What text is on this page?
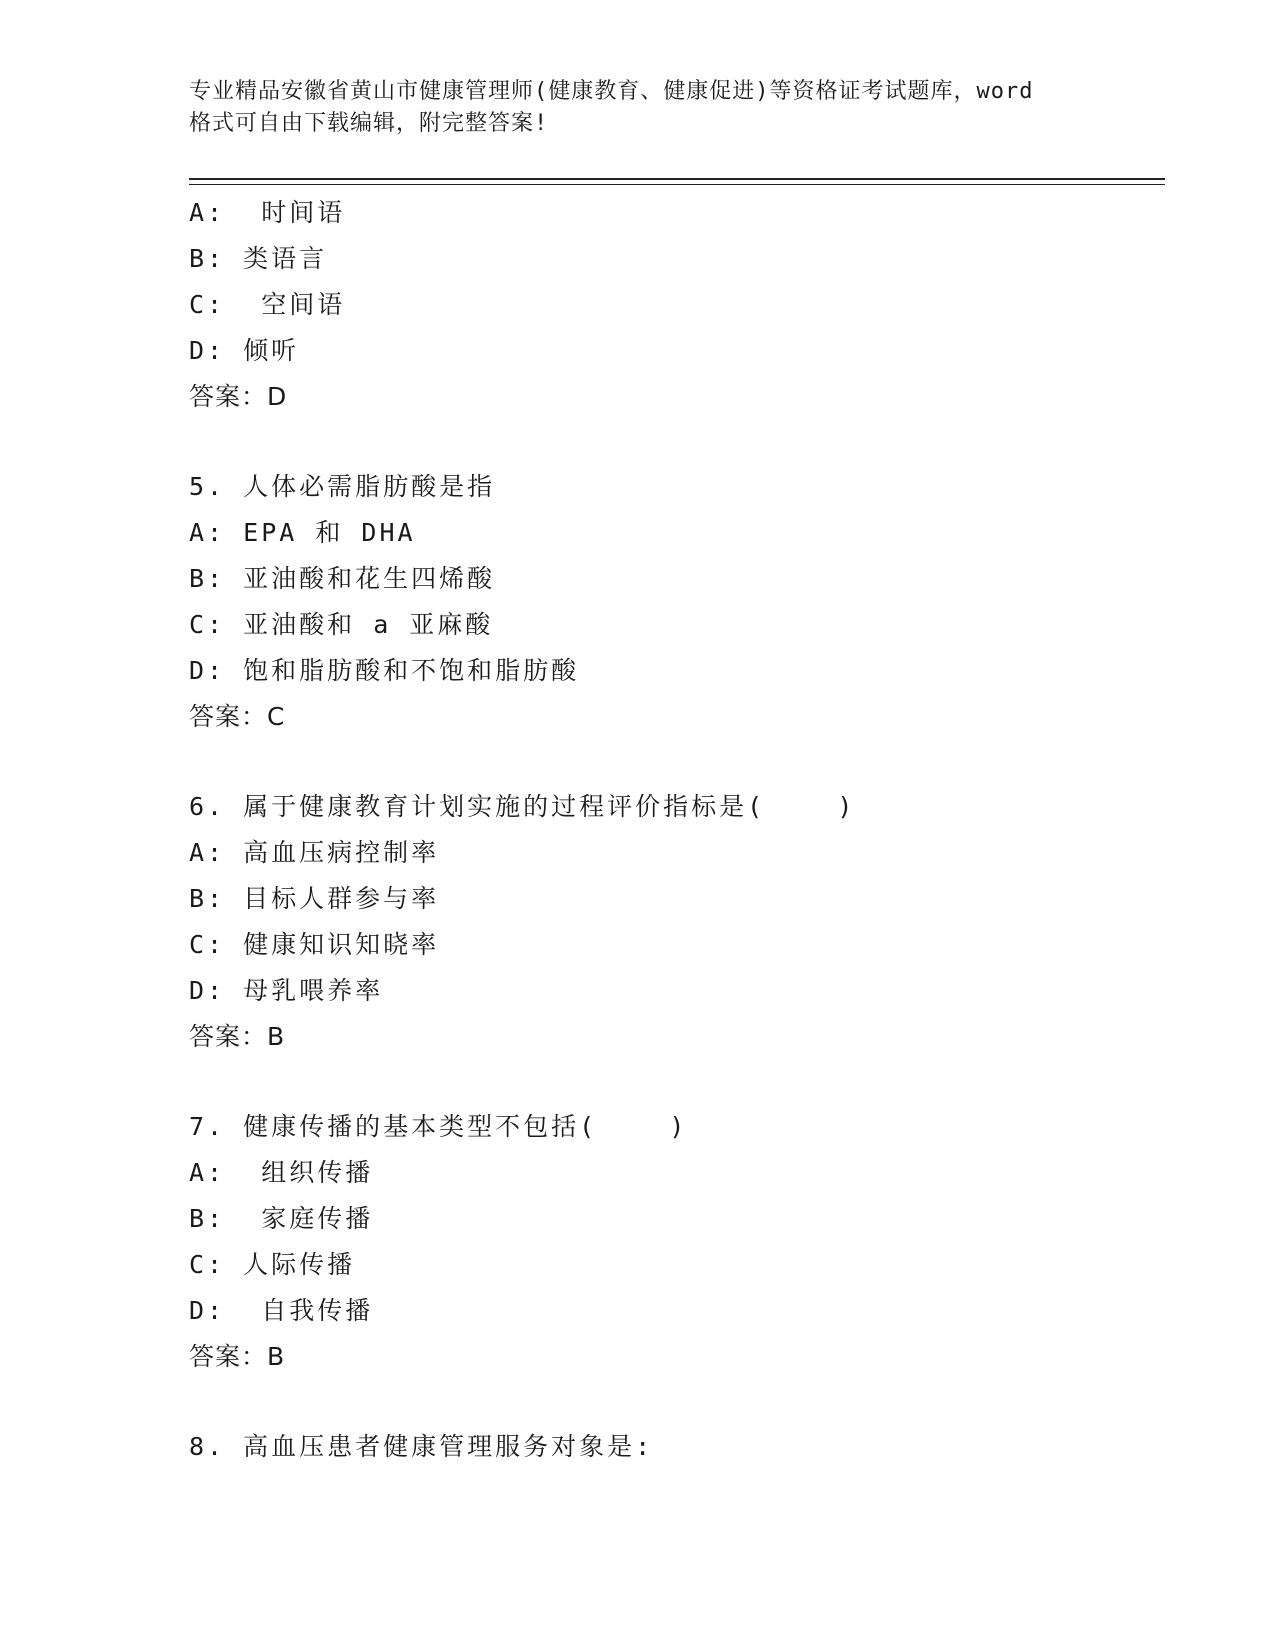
专业精品安徽省黄山市健康管理师(健康教育、健康促进)等资格证考试题库，word
格式可自由下载编辑，附完整答案!
A:  时间语
B: 类语言
C:  空间语
D: 倾听
答案：D
5. 人体必需脂肪酸是指
A: EPA 和 DHA
B: 亚油酸和花生四烯酸
C: 亚油酸和 a 亚麻酸
D: 饱和脂肪酸和不饱和脂肪酸
答案：C
6. 属于健康教育计划实施的过程评价指标是(    )
A: 高血压病控制率
B: 目标人群参与率
C: 健康知识知晓率
D: 母乳喂养率
答案：B
7. 健康传播的基本类型不包括(    )
A:  组织传播
B:  家庭传播
C: 人际传播
D:  自我传播
答案：B
8. 高血压患者健康管理服务对象是:
